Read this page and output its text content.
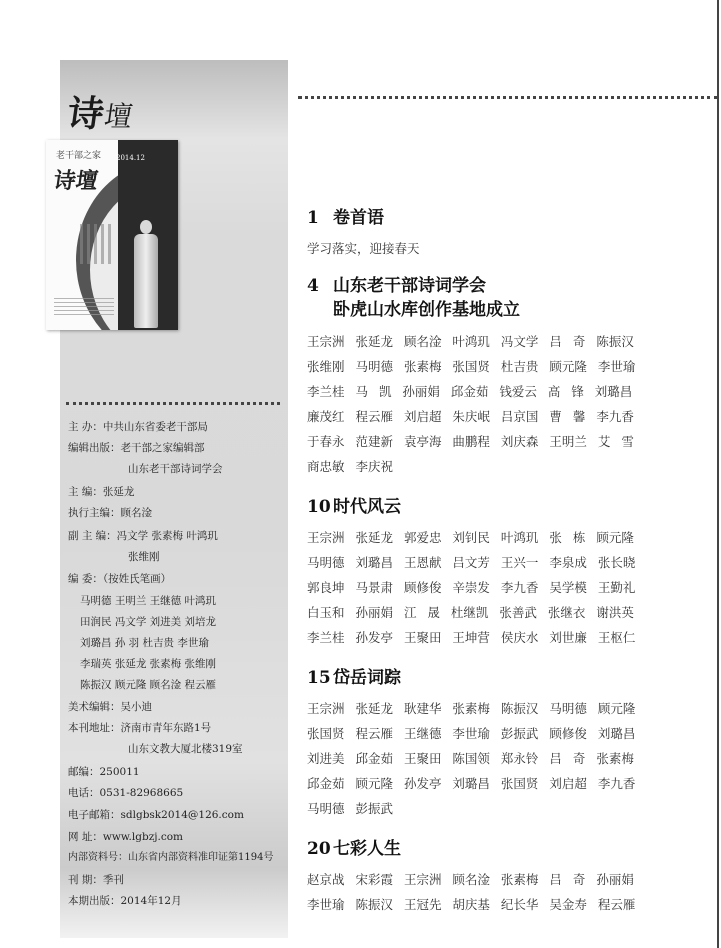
诗壇
老干部之家
诗壇
2014.12
主 办：中共山东省委老干部局
编辑出版：老干部之家编辑部
山东老干部诗词学会
主 编：张延龙
执行主编：顾名淦
副 主 编：冯文学 张素梅 叶鸿玑
张维刚
编 委：（按姓氏笔画）
马明德 王明兰 王继德 叶鸿玑
田润民 冯文学 刘进美 刘培龙
刘璐昌 孙 羽 杜吉贵 李世瑜
李瑞英 张延龙 张素梅 张维刚
陈振汉 顾元隆 顾名淦 程云雁
美术编辑：吴小迪
本刊地址：济南市青年东路1号
山东文教大厦北楼319室
邮编：250011
电话：0531-82968665
电子邮箱：sdlgbsk2014@126.com
网 址：www.lgbzj.com
内部资料号：山东省内部资料准印证第1194号
刊 期：季刊
本期出版：2014年12月
1 卷首语
学习落实，迎接春天
4 山东老干部诗词学会
卧虎山水库创作基地成立
王宗洲 张延龙 顾名淦 叶鸿玑 冯文学 吕 奇 陈振汉
张维刚 马明德 张素梅 张国贤 杜吉贵 顾元隆 李世瑜
李兰桂 马 凯 孙丽娟 邱金茹 钱爱云 高 锋 刘璐昌
廉茂红 程云雁 刘启超 朱庆岷 吕京国 曹 馨 李九香
于春永 范建新 袁亭海 曲鹏程 刘庆森 王明兰 艾 雪
商忠敏 李庆祝
10 时代风云
王宗洲 张延龙 郭爱忠 刘钊民 叶鸿玑 张 栋 顾元隆
马明德 刘璐昌 王恩献 吕文芳 王兴一 李泉成 张长晓
郭良坤 马景肃 顾修俊 辛崇发 李九香 吴学模 王勤礼
白玉和 孙丽娟 江 晟 杜继凯 张善武 张继衣 谢洪英
李兰桂 孙发亭 王聚田 王坤营 侯庆水 刘世廉 王枢仁
15 岱岳词踪
王宗洲 张延龙 耿建华 张素梅 陈振汉 马明德 顾元隆
张国贤 程云雁 王继德 李世瑜 彭振武 顾修俊 刘璐昌
刘进美 邱金茹 王聚田 陈国领 郑永铃 吕 奇 张素梅
邱金茹 顾元隆 孙发亭 刘璐昌 张国贤 刘启超 李九香
马明德 彭振武
20 七彩人生
赵京战 宋彩霞 王宗洲 顾名淦 张素梅 吕 奇 孙丽娟
李世瑜 陈振汉 王冠先 胡庆基 纪长华 吴金寿 程云雁
